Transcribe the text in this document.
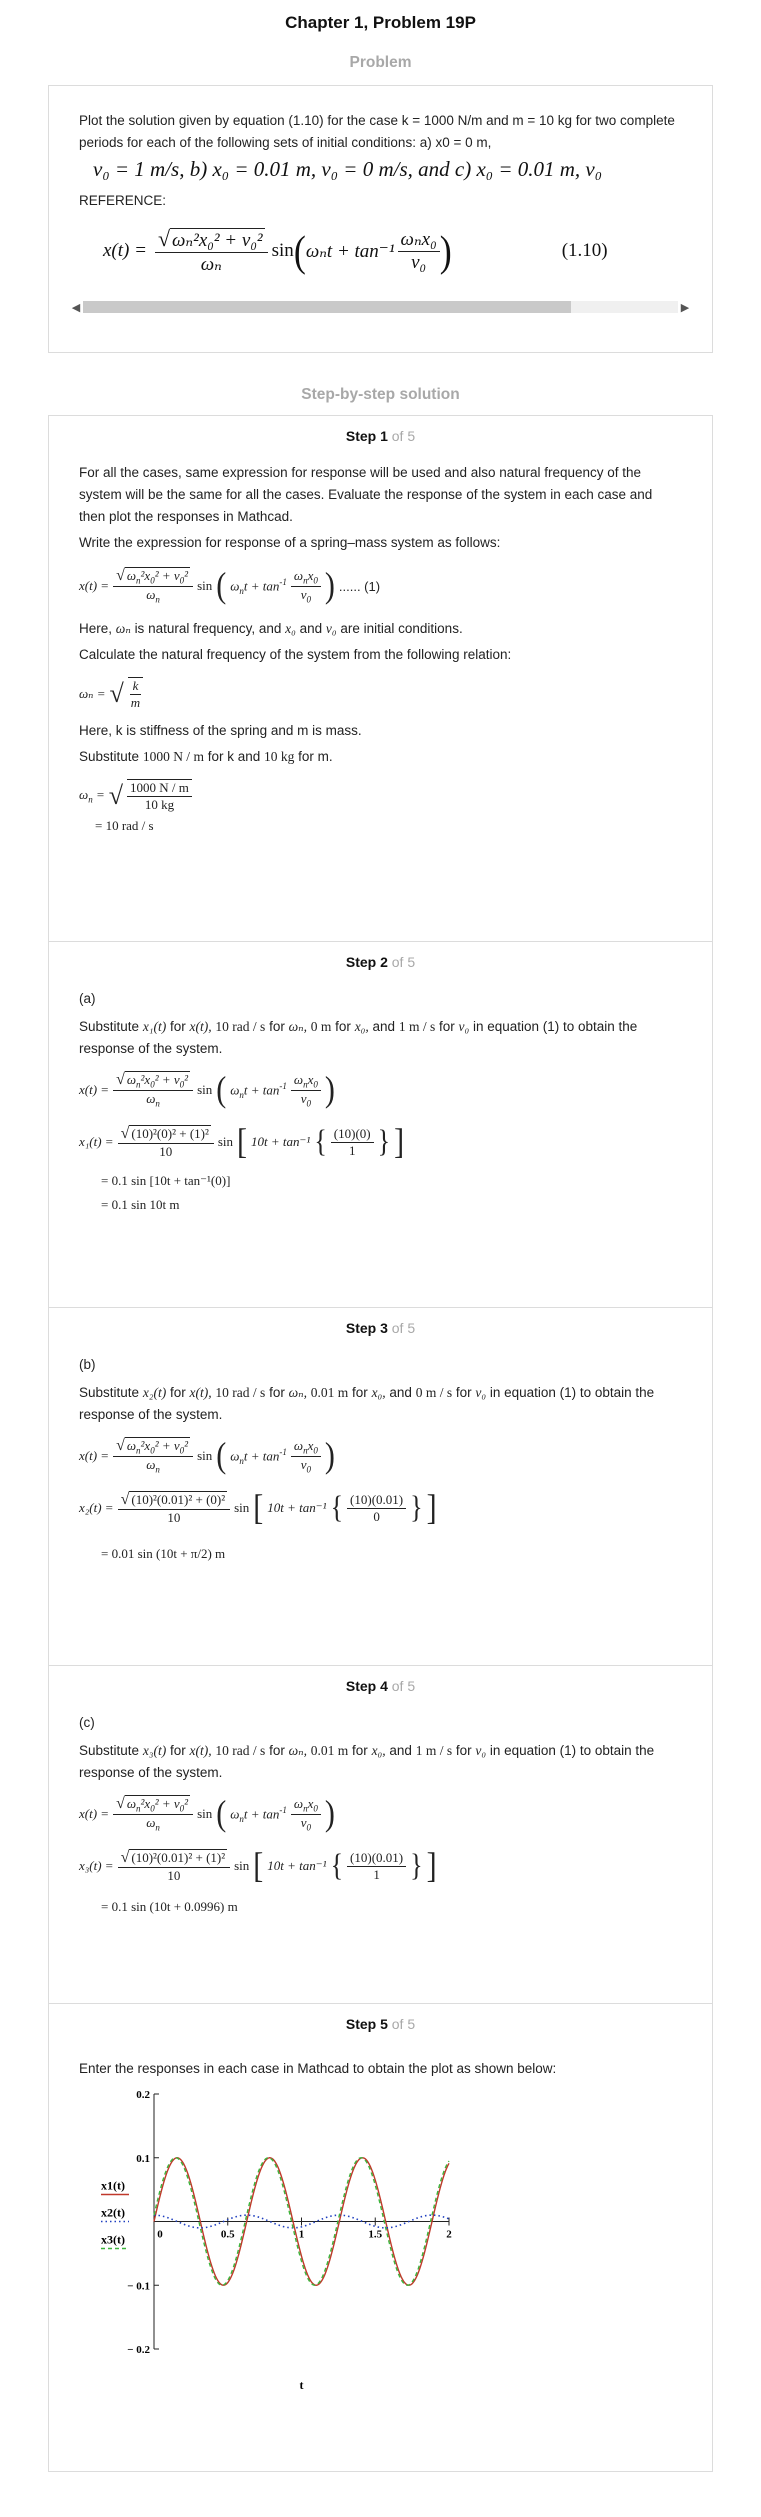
Chapter 1, Problem 19P
Problem

Plot the solution given by equation (1.10) for the case k = 1000 N/m and m = 10 kg for two complete periods for each of the following sets of initial conditions: a) x0 = 0 m,

v₀ = 1 m/s, b) x₀ = 0.01 m, v₀ = 0 m/s, and c) x₀ = 0.01 m, v₀

REFERENCE:

$x(t) = \frac{\text{√ ωₙ²x₀² + v₀²}}{\text{ωₙ}}$ sin ( $\omega_nt + \tan^{-1} \frac{\text{ωₙx₀}}{\text{v₀}}$ )	(1.10)
◀	▶
Step-by-step solution
Step 1 of 5

For all the cases, same expression for response will be used and also natural frequency of the system will be the same for all the cases. Evaluate the response of the system in each case and then plot the responses in Mathcad.

Write the expression for response of a spring–mass system as follows:

$x(t) = \frac{√ \omega_n^2x_0^2 + v_0^2}{\omega_n}$ sin ( $\omega_nt + \tan^{-1} \frac{\omega_nx_0}{v_0}$ ) ...... (1)

Here, ωₙ is natural frequency, and x₀ and v₀ are initial conditions.

Calculate the natural frequency of the system from the following relation:

ωₙ = √ $\frac{k}{m}$

Here, k is stiffness of the spring and m is mass.

Substitute 1000 N / m for k and 10 kg for m.

$\omega_n$ = √ $\frac{1000 N / m}{10 kg}$
= 10 rad / s
Step 2 of 5

(a)

Substitute x₁(t) for x(t), 10 rad / s for ωₙ, 0 m for x₀, and 1 m / s for v₀ in equation (1) to obtain the response of the system.

$x(t) = \frac{√ \omega_n^2x_0^2 + v_0^2}{\omega_n}$ sin ( $\omega_nt + \tan^{-1} \frac{\omega_nx_0}{v_0}$ )
$x_1(t) = \frac{\text{√ (10)²(0)² + (1)²}}{10}$ sin [ 10t + tan⁻¹ { $\frac{(10)(0)}{1}$ } ]
= 0.1 sin [10t + tan⁻¹(0)]
= 0.1 sin 10t m
Step 3 of 5

(b)

Substitute x₂(t) for x(t), 10 rad / s for ωₙ, 0.01 m for x₀, and 0 m / s for v₀ in equation (1) to obtain the response of the system.

$x(t) = \frac{√ \omega_n^2x_0^2 + v_0^2}{\omega_n}$ sin ( $\omega_nt + \tan^{-1} \frac{\omega_nx_0}{v_0}$ )
$x_2(t) = \frac{\text{√ (10)²(0.01)² + (0)²}}{10}$ sin [ 10t + tan⁻¹ { $\frac{(10)(0.01)}{0}$ } ]
= 0.01 sin (10t + π/2) m
Step 4 of 5

(c)

Substitute x₃(t) for x(t), 10 rad / s for ωₙ, 0.01 m for x₀, and 1 m / s for v₀ in equation (1) to obtain the response of the system.

$x(t) = \frac{√ \omega_n^2x_0^2 + v_0^2}{\omega_n}$ sin ( $\omega_nt + \tan^{-1} \frac{\omega_nx_0}{v_0}$ )
$x_3(t) = \frac{\text{√ (10)²(0.01)² + (1)²}}{10}$ sin [ 10t + tan⁻¹ { $\frac{(10)(0.01)}{1}$ } ]
= 0.1 sin (10t + 0.0996) m
Step 5 of 5

Enter the responses in each case in Mathcad to obtain the plot as shown below:

0.2
0.1
− 0.1
− 0.2
0	0.5	1	1.5	2
t
x1(t)
x2(t)
x3(t)
